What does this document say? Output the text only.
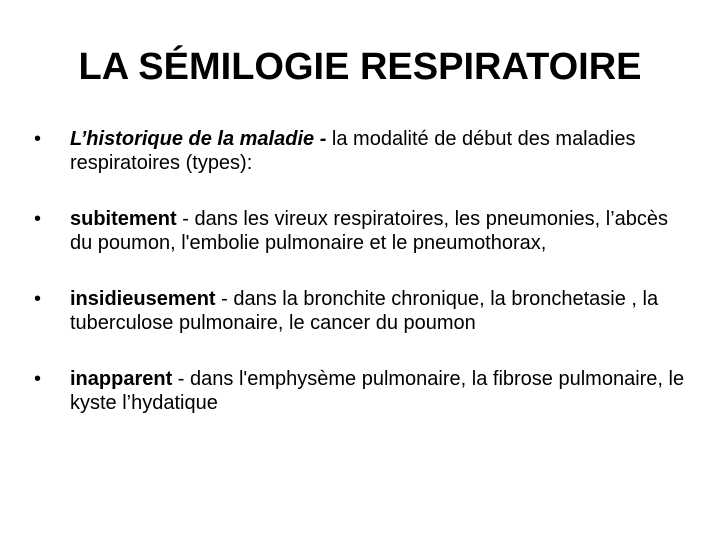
LA SÉMILOGIE RESPIRATOIRE
• L’historique de la maladie - la modalité de début des maladies respiratoires (types):
• subitement - dans les vireux respiratoires, les pneumonies, l’abcès du poumon, l'embolie pulmonaire et le pneumothorax,
• insidieusement - dans la bronchite chronique, la bronchetasie , la tuberculose pulmonaire, le cancer du poumon
• inapparent - dans l'emphysème pulmonaire, la fibrose pulmonaire, le kyste l’hydatique
